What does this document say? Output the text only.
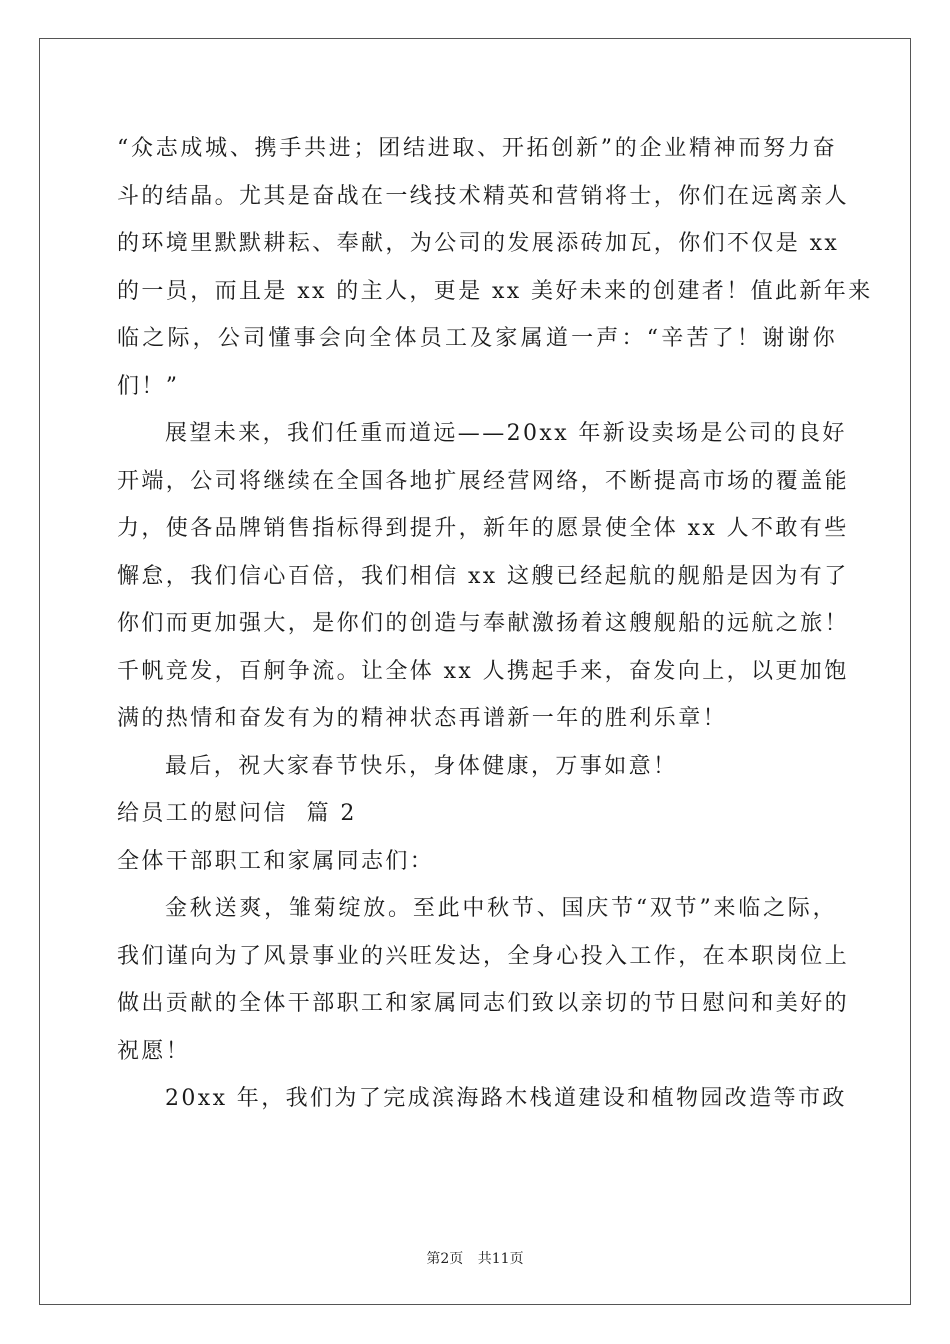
“众志成城、携手共进；团结进取、开拓创新”的企业精神而努力奋
斗的结晶。尤其是奋战在一线技术精英和营销将士，你们在远离亲人
的环境里默默耕耘、奉献，为公司的发展添砖加瓦，你们不仅是 xx
的一员，而且是 xx 的主人，更是 xx 美好未来的创建者！值此新年来
临之际，公司懂事会向全体员工及家属道一声：“辛苦了！谢谢你
们！”
展望未来，我们任重而道远——20xx 年新设卖场是公司的良好
开端，公司将继续在全国各地扩展经营网络，不断提高市场的覆盖能
力，使各品牌销售指标得到提升，新年的愿景使全体 xx 人不敢有些
懈怠，我们信心百倍，我们相信 xx 这艘已经起航的舰船是因为有了
你们而更加强大，是你们的创造与奉献激扬着这艘舰船的远航之旅！
千帆竞发，百舸争流。让全体 xx 人携起手来，奋发向上，以更加饱
满的热情和奋发有为的精神状态再谱新一年的胜利乐章！
最后，祝大家春节快乐，身体健康，万事如意！
给员工的慰问信  篇 2
全体干部职工和家属同志们：
金秋送爽，雏菊绽放。至此中秋节、国庆节“双节”来临之际，
我们谨向为了风景事业的兴旺发达，全身心投入工作，在本职岗位上
做出贡献的全体干部职工和家属同志们致以亲切的节日慰问和美好的
祝愿！
20xx 年，我们为了完成滨海路木栈道建设和植物园改造等市政
第2页 共11页
